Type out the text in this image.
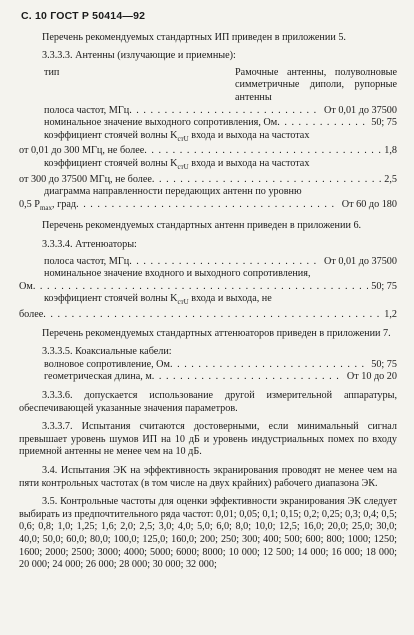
С. 10 ГОСТ Р 50414—92

Перечень рекомендуемых стандартных ИП приведен в приложении 5.

3.3.3.3. Антенны (излучающие и приемные):

тип	Рамочные антенны, полуволновые симметричные диполи, рупорные антенны
полоса частот, МГц . . .	От 0,01 до 37500
номинальное значение выходного сопротивления, Ом . . .	50; 75

коэффициент стоячей волны $K_{стU}$ входа и выхода на частотах

от 0,01 до 300 МГц, не более . . .	1,8

коэффициент стоячей волны $K_{стU}$ входа и выхода на частотах

от 300 до 37500 МГц, не более . . .	2,5

диаграмма направленности передающих антенн по уровню

0,5 $P_{max}$, град . . .	От 60 до 180

Перечень рекомендуемых стандартных антенн приведен в приложении 6.

3.3.3.4. Аттенюаторы:

полоса частот, МГц . . .	От 0,01 до 37500

номинальное значение входного и выходного сопротивления,

Ом . . .	50; 75

коэффициент стоячей волны $K_{стU}$ входа и выхода, не

более . . .	1,2

Перечень рекомендуемых стандартных аттенюаторов приведен в приложении 7.

3.3.3.5. Коаксиальные кабели:

волновое сопротивление, Ом . . .	50; 75
геометрическая длина, м . . .	От 10 до 20

3.3.3.6. допускается использование другой измерительной аппаратуры, обеспечивающей указанные значения параметров.

3.3.3.7. Испытания считаются достоверными, если минимальный сигнал превышает уровень шумов ИП на 10 дБ и уровень индустриальных помех по входу приемной антенны не менее чем на 10 дБ.

3.4. Испытания ЭК на эффективность экранирования проводят не менее чем на пяти контрольных частотах (в том числе на двух крайних) рабочего диапазона ЭК.

3.5. Контрольные частоты для оценки эффективности экранирования ЭК следует выбирать из предпочтительного ряда частот: 0,01; 0,05; 0,1; 0,15; 0,2; 0,25; 0,3; 0,4; 0,5; 0,6; 0,8; 1,0; 1,25; 1,6; 2,0; 2,5; 3,0; 4,0; 5,0; 6,0; 8,0; 10,0; 12,5; 16,0; 20,0; 25,0; 30,0; 40,0; 50,0; 60,0; 80,0; 100,0; 125,0; 160,0; 200; 250; 300; 400; 500; 600; 800; 1000; 1250; 1600; 2000; 2500; 3000; 4000; 5000; 6000; 8000; 10 000; 12 500; 14 000; 16 000; 18 000; 20 000; 24 000; 26 000; 28 000; 30 000; 32 000;
